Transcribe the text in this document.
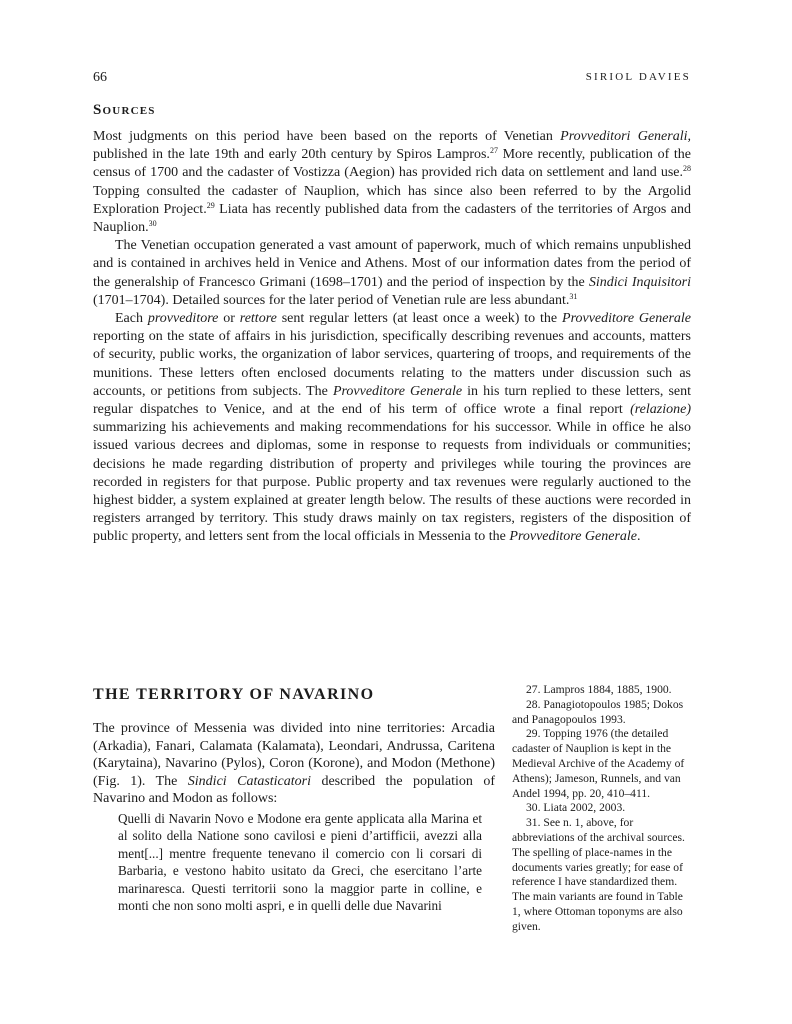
66	SIRIOL DAVIES
Sources

Most judgments on this period have been based on the reports of Venetian Provveditori Generali, published in the late 19th and early 20th century by Spiros Lampros.$^{27}$ More recently, publication of the census of 1700 and the cadaster of Vostizza (Aegion) has provided rich data on settlement and land use.$^{28}$ Topping consulted the cadaster of Nauplion, which has since also been referred to by the Argolid Exploration Project.$^{29}$ Liata has recently published data from the cadasters of the territories of Argos and Nauplion.$^{30}$

The Venetian occupation generated a vast amount of paperwork, much of which remains unpublished and is contained in archives held in Venice and Athens. Most of our information dates from the period of the generalship of Francesco Grimani (1698–1701) and the period of inspection by the Sindici Inquisitori (1701–1704). Detailed sources for the later period of Venetian rule are less abundant.$^{31}$

Each provveditore or rettore sent regular letters (at least once a week) to the Provveditore Generale reporting on the state of affairs in his jurisdiction, specifically describing revenues and accounts, matters of security, public works, the organization of labor services, quartering of troops, and requirements of the munitions. These letters often enclosed documents relating to the matters under discussion such as accounts, or petitions from subjects. The Provveditore Generale in his turn replied to these letters, sent regular dispatches to Venice, and at the end of his term of office wrote a final report (relazione) summarizing his achievements and making recommendations for his successor. While in office he also issued various decrees and diplomas, some in response to requests from individuals or communities; decisions he made regarding distribution of property and privileges while touring the provinces are recorded in registers for that purpose. Public property and tax revenues were regularly auctioned to the highest bidder, a system explained at greater length below. The results of these auctions were recorded in registers arranged by territory. This study draws mainly on tax registers, registers of the disposition of public property, and letters sent from the local officials in Messenia to the Provveditore Generale.

THE TERRITORY OF NAVARINO

The province of Messenia was divided into nine territories: Arcadia (Arkadia), Fanari, Calamata (Kalamata), Leondari, Andrussa, Caritena (Karytaina), Navarino (Pylos), Coron (Korone), and Modon (Methone) (Fig. 1). The Sindici Catasticatori described the population of Navarino and Modon as follows:

Quelli di Navarin Novo e Modone era gente applicata alla Marina et al solito della Natione sono cavilosi e pieni d’artifficii, avezzi alla ment[...] mentre frequente tenevano il comercio con li corsari di Barbaria, e vestono habito usitato da Greci, che esercitano l’arte marinaresca. Questi territorii sono la maggior parte in colline, e monti che non sono molti aspri, e in quelli delle due Navarini

27. Lampros 1884, 1885, 1900.

28. Panagiotopoulos 1985; Dokos and Panagopoulos 1993.

29. Topping 1976 (the detailed cadaster of Nauplion is kept in the Medieval Archive of the Academy of Athens); Jameson, Runnels, and van Andel 1994, pp. 20, 410–411.

30. Liata 2002, 2003.

31. See n. 1, above, for abbreviations of the archival sources. The spelling of place-names in the documents varies greatly; for ease of reference I have standardized them. The main variants are found in Table 1, where Ottoman toponyms are also given.
